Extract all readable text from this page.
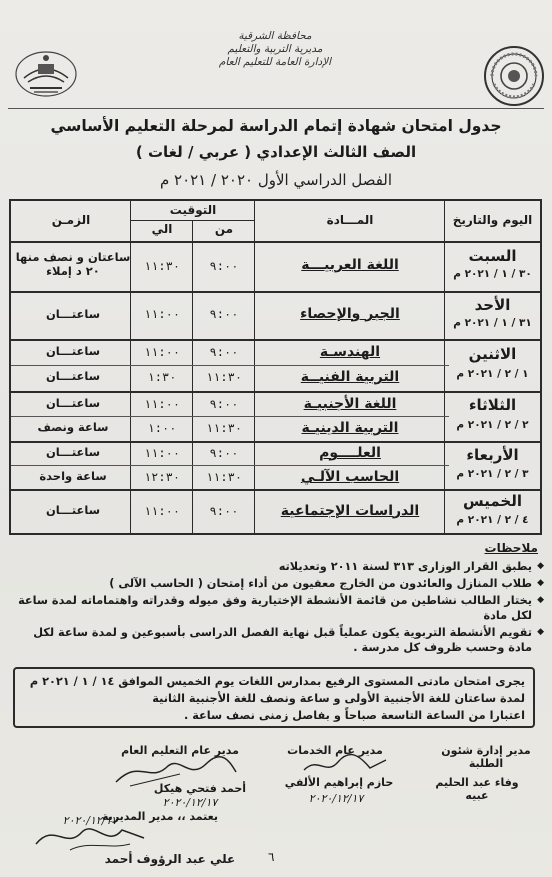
محافظة الشرقية
مديرية التربية والتعليم
الإدارة العامة للتعليم العام
جدول امتحان شهادة إتمام الدراسة لمرحلة التعليم الأساسي
الصف الثالث الإعدادي ( عربي / لغات )
الفصل الدراسي الأول ٢٠٢٠ / ٢٠٢١ م
اليوم والتاريخ
المـــادة
التوقيت
من
الي
الزمـن
السبت
٣٠ / ١ / ٢٠٢١ م
اللغة العربيـــة
٩:٠٠
١١:٣٠
ساعتان و نصف منها ٢٠ د إملاء
الأحد
٣١ / ١ / ٢٠٢١ م
الجبر والإحصاء
٩:٠٠
١١:٠٠
ساعتـــان
الاثنين
١ / ٢ / ٢٠٢١ م
الهندسـة
٩:٠٠
١١:٠٠
ساعتـــان
التربية الفنيــة
١١:٣٠
١:٣٠
ساعتـــان
الثلاثاء
٢ / ٢ / ٢٠٢١ م
اللغة الأجنبيـة
٩:٠٠
١١:٠٠
ساعتـــان
التربية الدينيـة
١١:٣٠
١:٠٠
ساعة ونصف
الأربعاء
٣ / ٢ / ٢٠٢١ م
العلــــوم
٩:٠٠
١١:٠٠
ساعتـــان
الحاسب الآلـي
١١:٣٠
١٢:٣٠
ساعة واحدة
الخميس
٤ / ٢ / ٢٠٢١ م
الدراسات الإجتماعية
٩:٠٠
١١:٠٠
ساعتـــان
ملاحظات
◆ يطبق القرار الوزارى ٣١٣ لسنة ٢٠١١ وتعديلاته
◆ طلاب المنازل والعائدون من الخارج معفيون من أداء إمتحان ( الحاسب الآلى )
◆ يختار الطالب نشاطين من قائمة الأنشطة الإختيارية وفق ميوله وقدراته واهتماماته لمدة ساعة لكل مادة
◆ تقويم الأنشطة التربوية يكون عملياً قبل نهاية الفصل الدراسى بأسبوعين و لمدة ساعة لكل مادة وحسب ظروف كل مدرسة .
يجرى امتحان مادتى المستوى الرفيع بمدارس اللغات يوم الخميس الموافق ١٤ / ١ / ٢٠٢١ م
لمدة ساعتان للغة الأجنبية الأولى و ساعة ونصف للغة الأجنبية الثانية
اعتبارا من الساعة التاسعة صباحاً و بفاصل زمنى نصف ساعة .
مدير إدارة شئون الطلبة
وفاء عبد الحليم عبيه
مدير عام الخدمات
حازم إبراهيم الألفي
٢٠٢٠/١٢/١٧
مدير عام التعليم العام
أحمد فتحي هيكل
٢٠٢٠/١٢/١٧
يعتمد ،، مدير المديرية
٢٠٢٠/١٢/١٧
علي عبد الرؤوف أحمد	٦
